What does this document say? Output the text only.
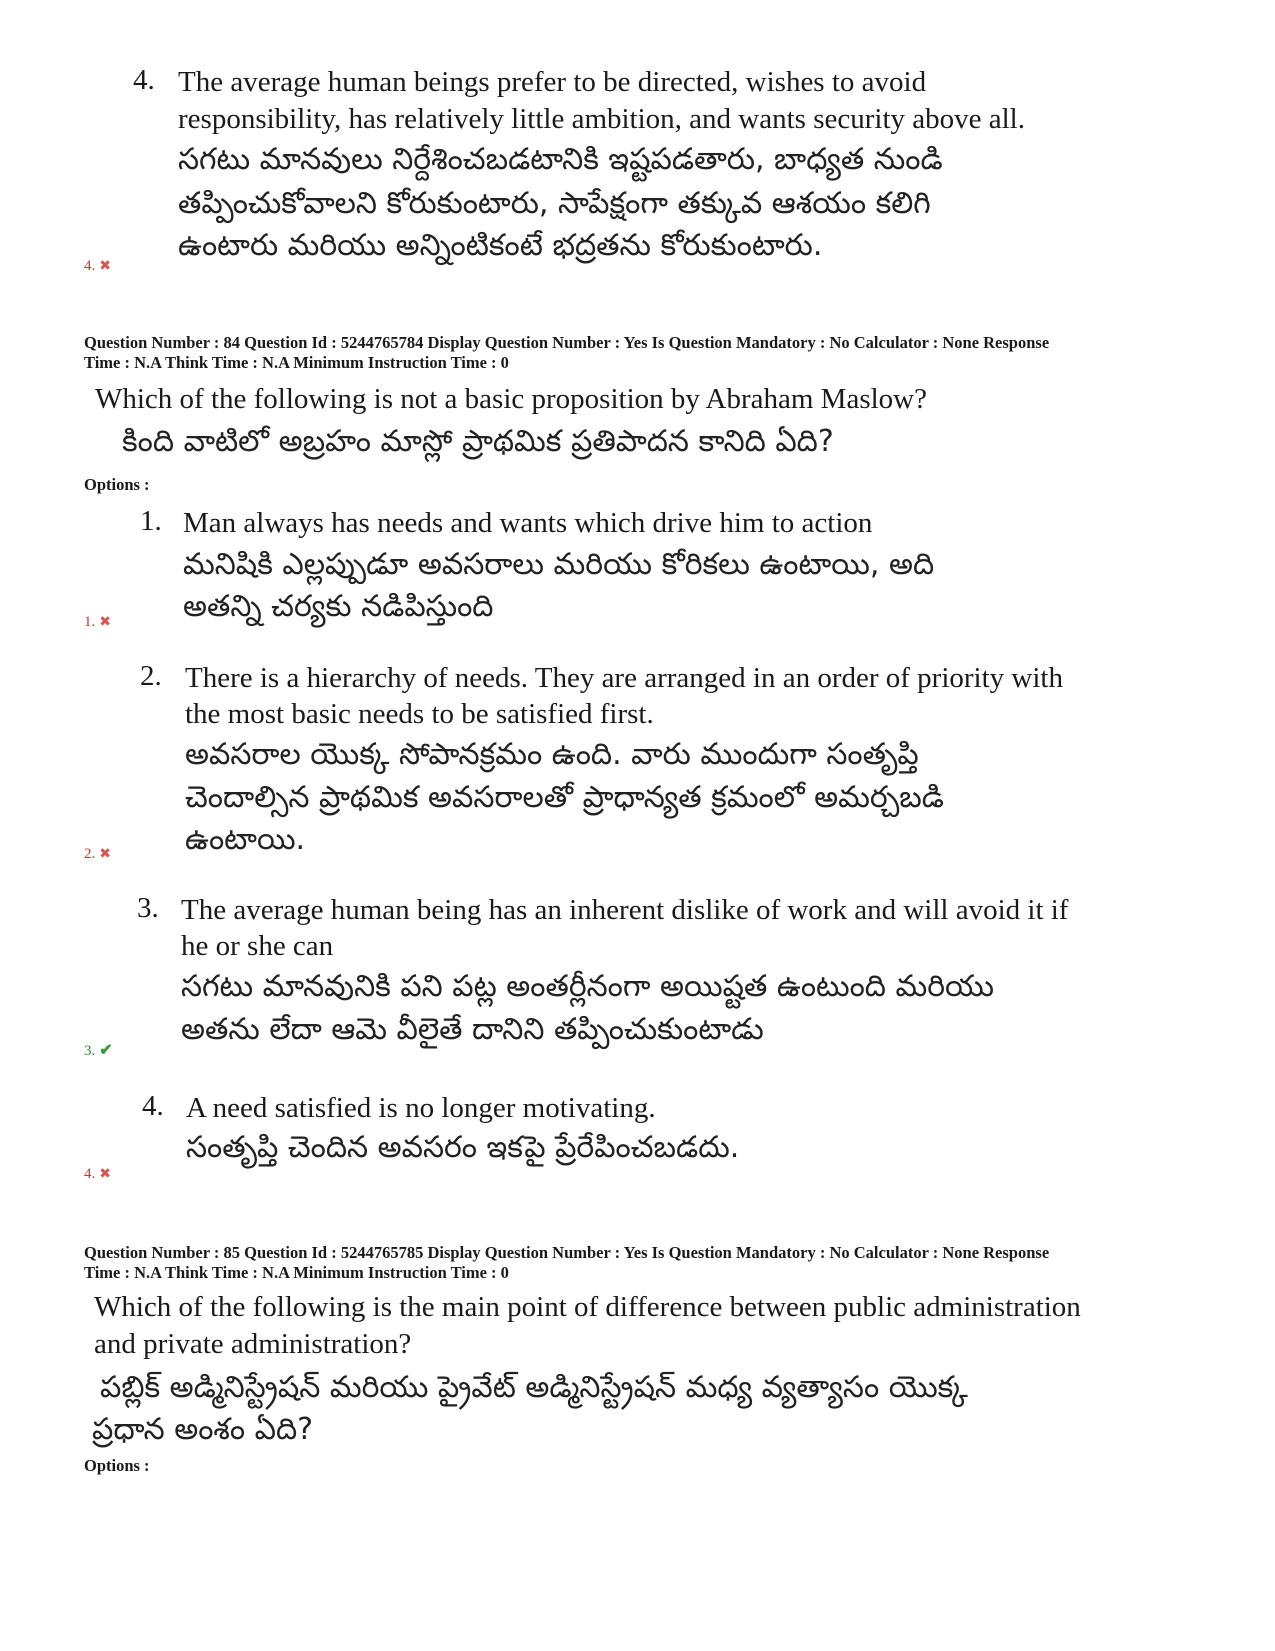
4. The average human beings prefer to be directed, wishes to avoid
responsibility, has relatively little ambition, and wants security above all.
సగటు మానవులు నిర్దేశించబడటానికి ఇష్టపడతారు, బాధ్యత నుండి
తప్పించుకోవాలని కోరుకుంటారు, సాపేక్షంగా తక్కువ ఆశయం కలిగి
ఉంటారు మరియు అన్నింటికంటే భద్రతను కోరుకుంటారు.
4. ✖
Question Number : 84 Question Id : 5244765784 Display Question Number : Yes Is Question Mandatory : No Calculator : None Response
Time : N.A Think Time : N.A Minimum Instruction Time : 0
Which of the following is not a basic proposition by Abraham Maslow?
కింది వాటిలో అబ్రహం మాస్లో ప్రాథమిక ప్రతిపాదన కానిది ఏది?
Options :
1. Man always has needs and wants which drive him to action
మనిషికి ఎల్లప్పుడూ అవసరాలు మరియు కోరికలు ఉంటాయి, అది
అతన్ని చర్యకు నడిపిస్తుంది
1. ✖
2. There is a hierarchy of needs. They are arranged in an order of priority with
the most basic needs to be satisfied first.
అవసరాల యొక్క సోపానక్రమం ఉంది. వారు ముందుగా సంతృప్తి
చెందాల్సిన ప్రాథమిక అవసరాలతో ప్రాధాన్యత క్రమంలో అమర్చబడి
ఉంటాయి.
2. ✖
3. The average human being has an inherent dislike of work and will avoid it if
he or she can
సగటు మానవునికి పని పట్ల అంతర్లీనంగా అయిష్టత ఉంటుంది మరియు
అతను లేదా ఆమె వీలైతే దానిని తప్పించుకుంటాడు
3. ✔
4. A need satisfied is no longer motivating.
సంతృప్తి చెందిన అవసరం ఇకపై ప్రేరేపించబడదు.
4. ✖
Question Number : 85 Question Id : 5244765785 Display Question Number : Yes Is Question Mandatory : No Calculator : None Response
Time : N.A Think Time : N.A Minimum Instruction Time : 0
Which of the following is the main point of difference between public administration
and private administration?
పబ్లిక్ అడ్మినిస్ట్రేషన్ మరియు ప్రైవేట్ అడ్మినిస్ట్రేషన్ మధ్య వ్యత్యాసం యొక్క
ప్రధాన అంశం ఏది?
Options :
